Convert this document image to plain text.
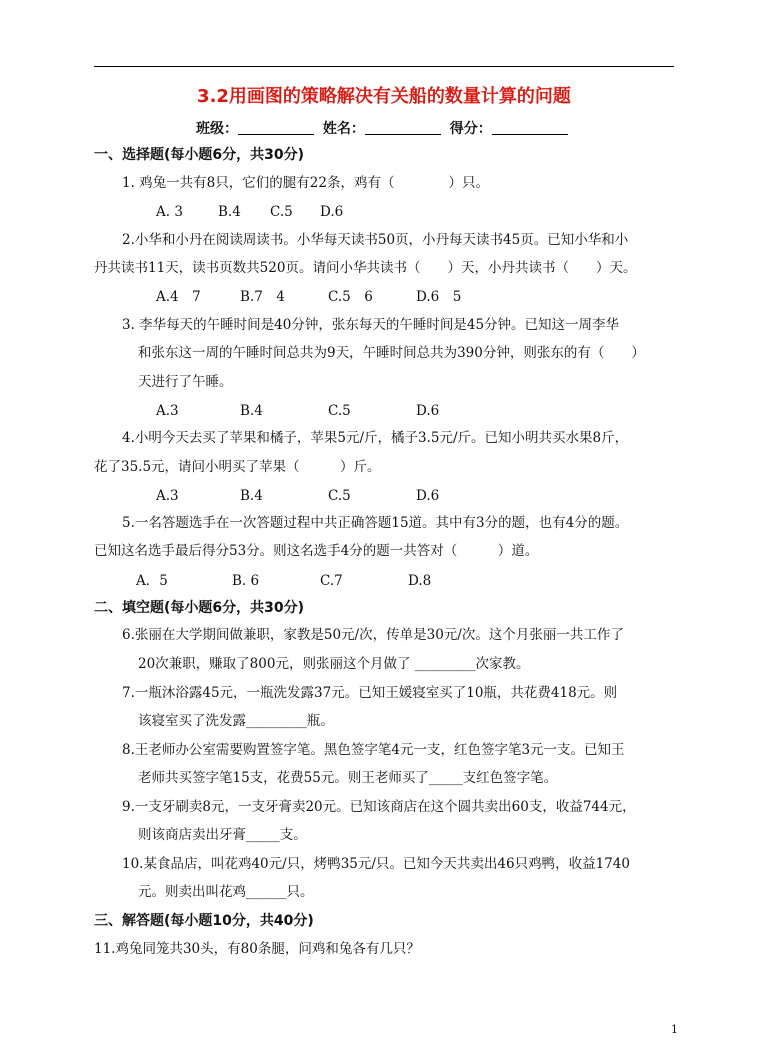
3.2用画图的策略解决有关船的数量计算的问题
班级：	姓名：	得分：
一、选择题(每小题6分，共30分)
1. 鸡兔一共有8只，它们的腿有22条，鸡有（　　　　）只。
A. 3	B.4 C.5 D.6
2.小华和小丹在阅读周读书。小华每天读书50页，小丹每天读书45页。已知小华和小
丹共读书11天，读书页数共520页。请问小华共读书（　　）天，小丹共读书（　　）天。
A.4　7	B.7　4	C.5　6	D.6　5
3. 李华每天的午睡时间是40分钟，张东每天的午睡时间是45分钟。已知这一周李华
和张东这一周的午睡时间总共为9天，午睡时间总共为390分钟，则张东的有（　　）
天进行了午睡。
A.3	B.4	C.5	D.6
4.小明今天去买了苹果和橘子，苹果5元/斤，橘子3.5元/斤。已知小明共买水果8斤，
花了35.5元，请问小明买了苹果（　　　）斤。
A.3	B.4	C.5	D.6
5.一名答题选手在一次答题过程中共正确答题15道。其中有3分的题，也有4分的题。
已知这名选手最后得分53分。则这名选手4分的题一共答对（　　　）道。
A．5	B. 6	C.7	D.8
二、填空题(每小题6分，共30分)
6.张丽在大学期间做兼职，家教是50元/次，传单是30元/次。这个月张丽一共工作了
20次兼职，赚取了800元，则张丽这个月做了 _________次家教。
7.一瓶沐浴露45元，一瓶洗发露37元。已知王媛寝室买了10瓶，共花费418元。则
该寝室买了洗发露_________瓶。
8.王老师办公室需要购置签字笔。黑色签字笔4元一支，红色签字笔3元一支。已知王
老师共买签字笔15支，花费55元。则王老师买了_____支红色签字笔。
9.一支牙刷卖8元，一支牙膏卖20元。已知该商店在这个圆共卖出60支，收益744元，
则该商店卖出牙膏_____支。
10.某食品店，叫花鸡40元/只，烤鸭35元/只。已知今天共卖出46只鸡鸭，收益1740
元。则卖出叫花鸡______只。
三、解答题(每小题10分，共40分)
11.鸡兔同笼共30头，有80条腿，问鸡和兔各有几只？
1
